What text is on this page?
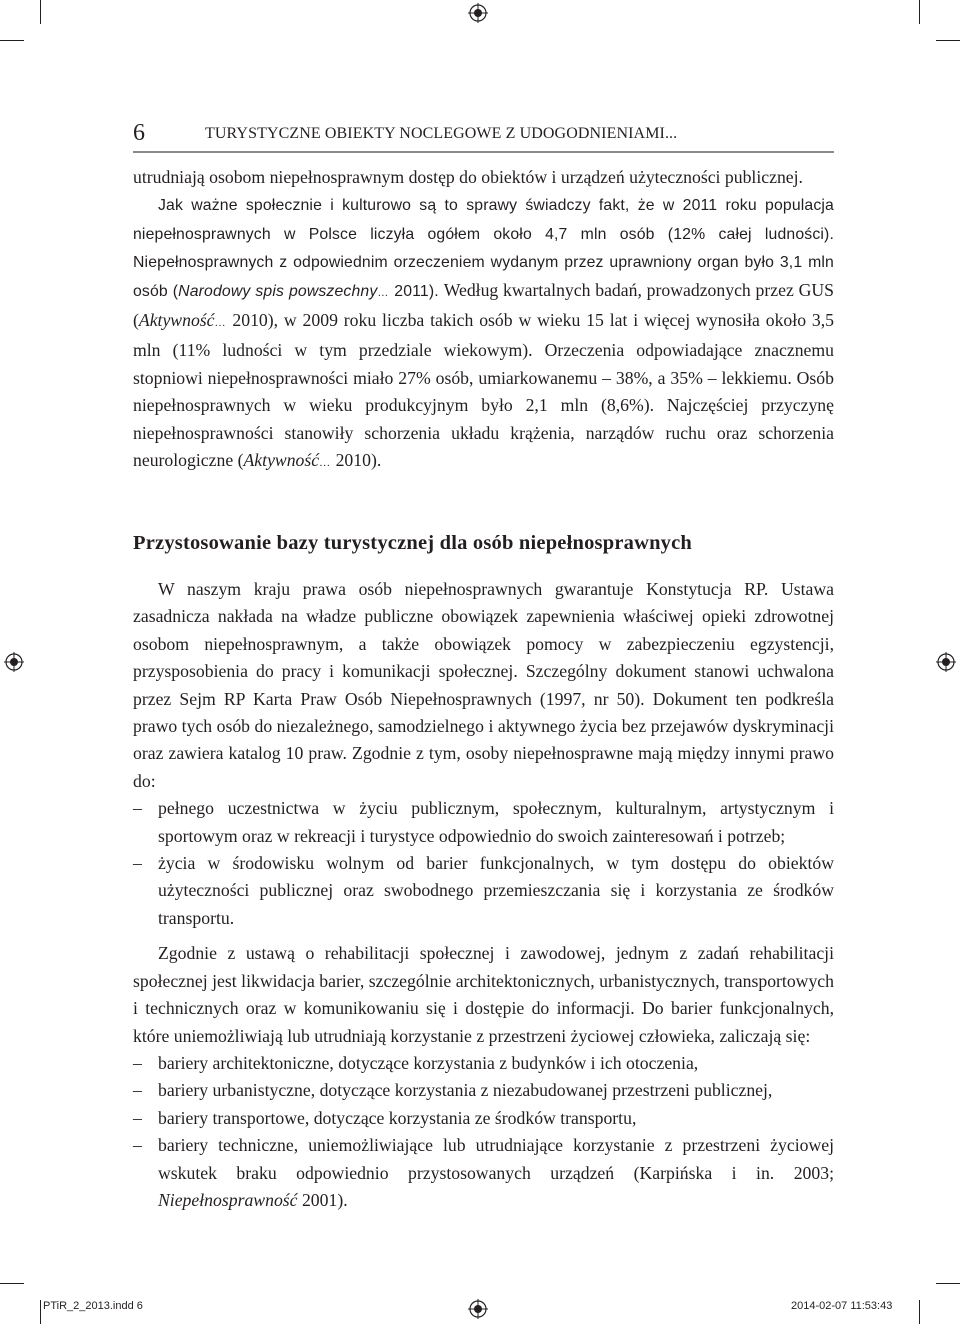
6	TURYSTYCZNE OBIEKTY NOCLEGOWE Z UDOGODNIENIAMI...

utrudniają osobom niepełnosprawnym dostęp do obiektów i urządzeń użyteczności publicznej.

Jak ważne społecznie i kulturowo są to sprawy świadczy fakt, że w 2011 roku populacja niepełnosprawnych w Polsce liczyła ogółem około 4,7 mln osób (12% całej ludności). Niepełnosprawnych z odpowiednim orzeczeniem wydanym przez uprawniony organ było 3,1 mln osób (Narodowy spis powszechny… 2011). Według kwartalnych badań, prowadzonych przez GUS (Aktywność… 2010), w 2009 roku liczba takich osób w wieku 15 lat i więcej wynosiła około 3,5 mln (11% ludności w tym przedziale wiekowym). Orzeczenia odpowiadające znacznemu stopniowi niepełnosprawności miało 27% osób, umiarkowanemu – 38%, a 35% – lekkiemu. Osób niepełnosprawnych w wieku produkcyjnym było 2,1 mln (8,6%). Najczęściej przyczynę niepełnosprawności stanowiły schorzenia układu krążenia, narządów ruchu oraz schorzenia neurologiczne (Aktywność… 2010).

Przystosowanie bazy turystycznej dla osób niepełnosprawnych

W naszym kraju prawa osób niepełnosprawnych gwarantuje Konstytucja RP. Ustawa zasadnicza nakłada na władze publiczne obowiązek zapewnienia właściwej opieki zdrowotnej osobom niepełnosprawnym, a także obowiązek pomocy w zabezpieczeniu egzystencji, przysposobienia do pracy i komunikacji społecznej. Szczególny dokument stanowi uchwalona przez Sejm RP Karta Praw Osób Niepełnosprawnych (1997, nr 50). Dokument ten podkreśla prawo tych osób do niezależnego, samodzielnego i aktywnego życia bez przejawów dyskryminacji oraz zawiera katalog 10 praw. Zgodnie z tym, osoby niepełnosprawne mają między innymi prawo do:

– pełnego uczestnictwa w życiu publicznym, społecznym, kulturalnym, artystycznym i sportowym oraz w rekreacji i turystyce odpowiednio do swoich zainteresowań i potrzeb;
– życia w środowisku wolnym od barier funkcjonalnych, w tym dostępu do obiektów użyteczności publicznej oraz swobodnego przemieszczania się i korzystania ze środków transportu.

Zgodnie z ustawą o rehabilitacji społecznej i zawodowej, jednym z zadań rehabilitacji społecznej jest likwidacja barier, szczególnie architektonicznych, urbanistycznych, transportowych i technicznych oraz w komunikowaniu się i dostępie do informacji. Do barier funkcjonalnych, które uniemożliwiają lub utrudniają korzystanie z przestrzeni życiowej człowieka, zaliczają się:

– bariery architektoniczne, dotyczące korzystania z budynków i ich otoczenia,
– bariery urbanistyczne, dotyczące korzystania z niezabudowanej przestrzeni publicznej,
– bariery transportowe, dotyczące korzystania ze środków transportu,
– bariery techniczne, uniemożliwiające lub utrudniające korzystanie z przestrzeni życiowej wskutek braku odpowiednio przystosowanych urządzeń (Karpińska i in. 2003; Niepełnosprawność 2001).
PTiR_2_2013.indd 6	2014-02-07 11:53:43
